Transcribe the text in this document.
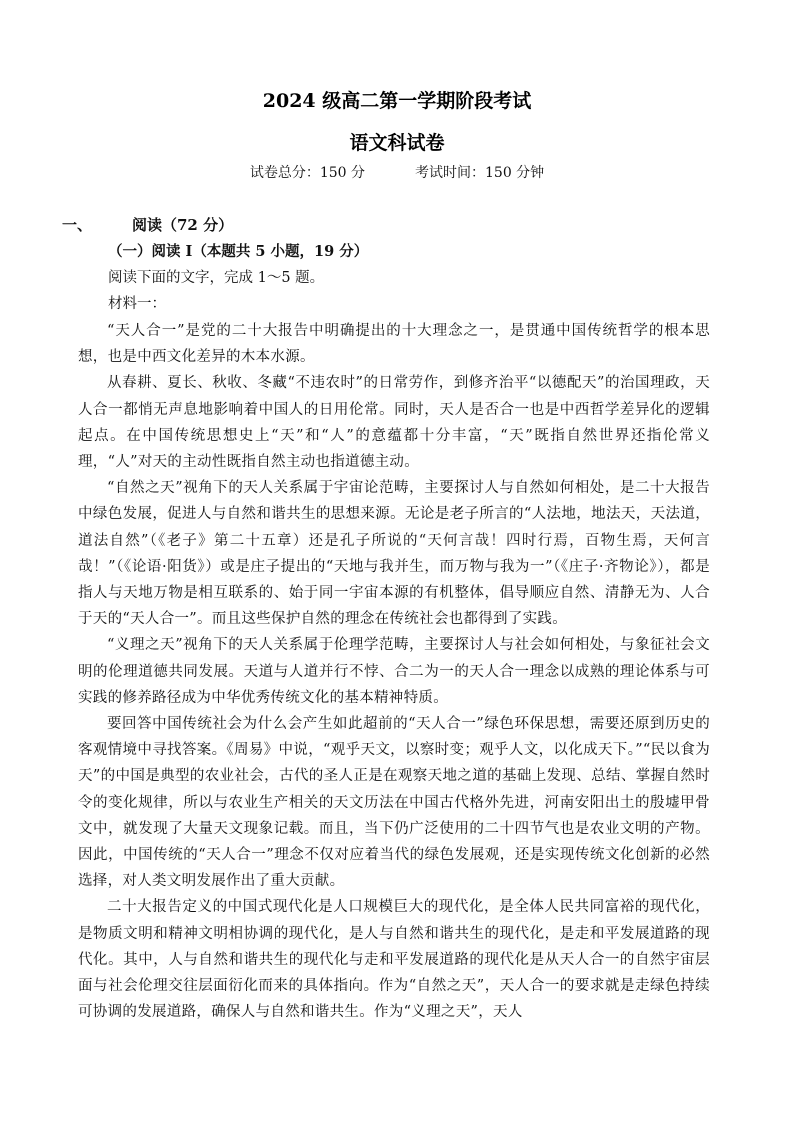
2024 级高二第一学期阶段考试
语文科试卷
试卷总分：150 分	考试时间：150 分钟
一、	阅读（72 分）
（一）阅读 I（本题共 5 小题，19 分）
阅读下面的文字，完成 1～5 题。
材料一：

“天人合一”是党的二十大报告中明确提出的十大理念之一，是贯通中国传统哲学的根本思想，也是中西文化差异的木本水源。

从春耕、夏长、秋收、冬藏“不违农时”的日常劳作，到修齐治平“以德配天”的治国理政，天人合一都悄无声息地影响着中国人的日用伦常。同时，天人是否合一也是中西哲学差异化的逻辑起点。在中国传统思想史上“天”和“人”的意蕴都十分丰富，“天”既指自然世界还指伦常义理，“人”对天的主动性既指自然主动也指道德主动。

“自然之天”视角下的天人关系属于宇宙论范畴，主要探讨人与自然如何相处，是二十大报告中绿色发展，促进人与自然和谐共生的思想来源。无论是老子所言的“人法地，地法天，天法道，道法自然”（《老子》第二十五章）还是孔子所说的“天何言哉！四时行焉，百物生焉，天何言哉！”（《论语·阳货》）或是庄子提出的“天地与我并生，而万物与我为一”（《庄子·齐物论》），都是指人与天地万物是相互联系的、始于同一宇宙本源的有机整体，倡导顺应自然、清静无为、人合于天的“天人合一”。而且这些保护自然的理念在传统社会也都得到了实践。

“义理之天”视角下的天人关系属于伦理学范畴，主要探讨人与社会如何相处，与象征社会文明的伦理道德共同发展。天道与人道并行不悖、合二为一的天人合一理念以成熟的理论体系与可实践的修养路径成为中华优秀传统文化的基本精神特质。

要回答中国传统社会为什么会产生如此超前的“天人合一”绿色环保思想，需要还原到历史的客观情境中寻找答案。《周易》中说，“观乎天文，以察时变；观乎人文，以化成天下。”“民以食为天”的中国是典型的农业社会，古代的圣人正是在观察天地之道的基础上发现、总结、掌握自然时令的变化规律，所以与农业生产相关的天文历法在中国古代格外先进，河南安阳出土的殷墟甲骨文中，就发现了大量天文现象记载。而且，当下仍广泛使用的二十四节气也是农业文明的产物。因此，中国传统的“天人合一”理念不仅对应着当代的绿色发展观，还是实现传统文化创新的必然选择，对人类文明发展作出了重大贡献。

二十大报告定义的中国式现代化是人口规模巨大的现代化，是全体人民共同富裕的现代化，是物质文明和精神文明相协调的现代化，是人与自然和谐共生的现代化，是走和平发展道路的现代化。其中，人与自然和谐共生的现代化与走和平发展道路的现代化是从天人合一的自然宇宙层面与社会伦理交往层面衍化而来的具体指向。作为“自然之天”，天人合一的要求就是走绿色持续可协调的发展道路，确保人与自然和谐共生。作为“义理之天”，天人
